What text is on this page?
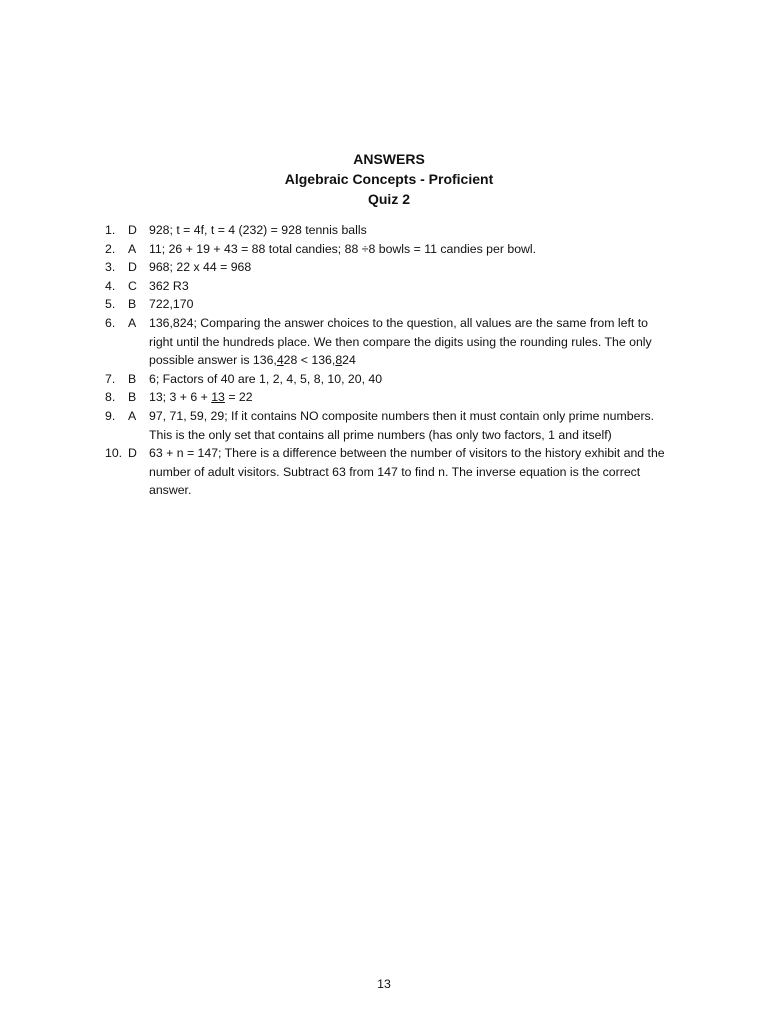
ANSWERS
Algebraic Concepts - Proficient
Quiz 2
1.	D 928; t = 4f, t = 4 (232) = 928 tennis balls
2.	A	11; 26 + 19 + 43 = 88 total candies; 88 ÷8 bowls = 11 candies per bowl.
3.	D 968; 22 x 44 = 968
4.	C 362 R3
5.	B	722,170
6.	A	136,824; Comparing the answer choices to the question, all values are the same from left to right until the hundreds place. We then compare the digits using the rounding rules. The only possible answer is 136,428 < 136,824
7.	B	6; Factors of 40 are 1, 2, 4, 5, 8, 10, 20, 40
8.	B	13; 3 + 6 + 13 = 22
9.	A	97, 71, 59, 29; If it contains NO composite numbers then it must contain only prime numbers. This is the only set that contains all prime numbers (has only two factors, 1 and itself)
10. D 63 + n = 147; There is a difference between the number of visitors to the history exhibit and the number of adult visitors. Subtract 63 from 147 to find n. The inverse equation is the correct answer.
13
